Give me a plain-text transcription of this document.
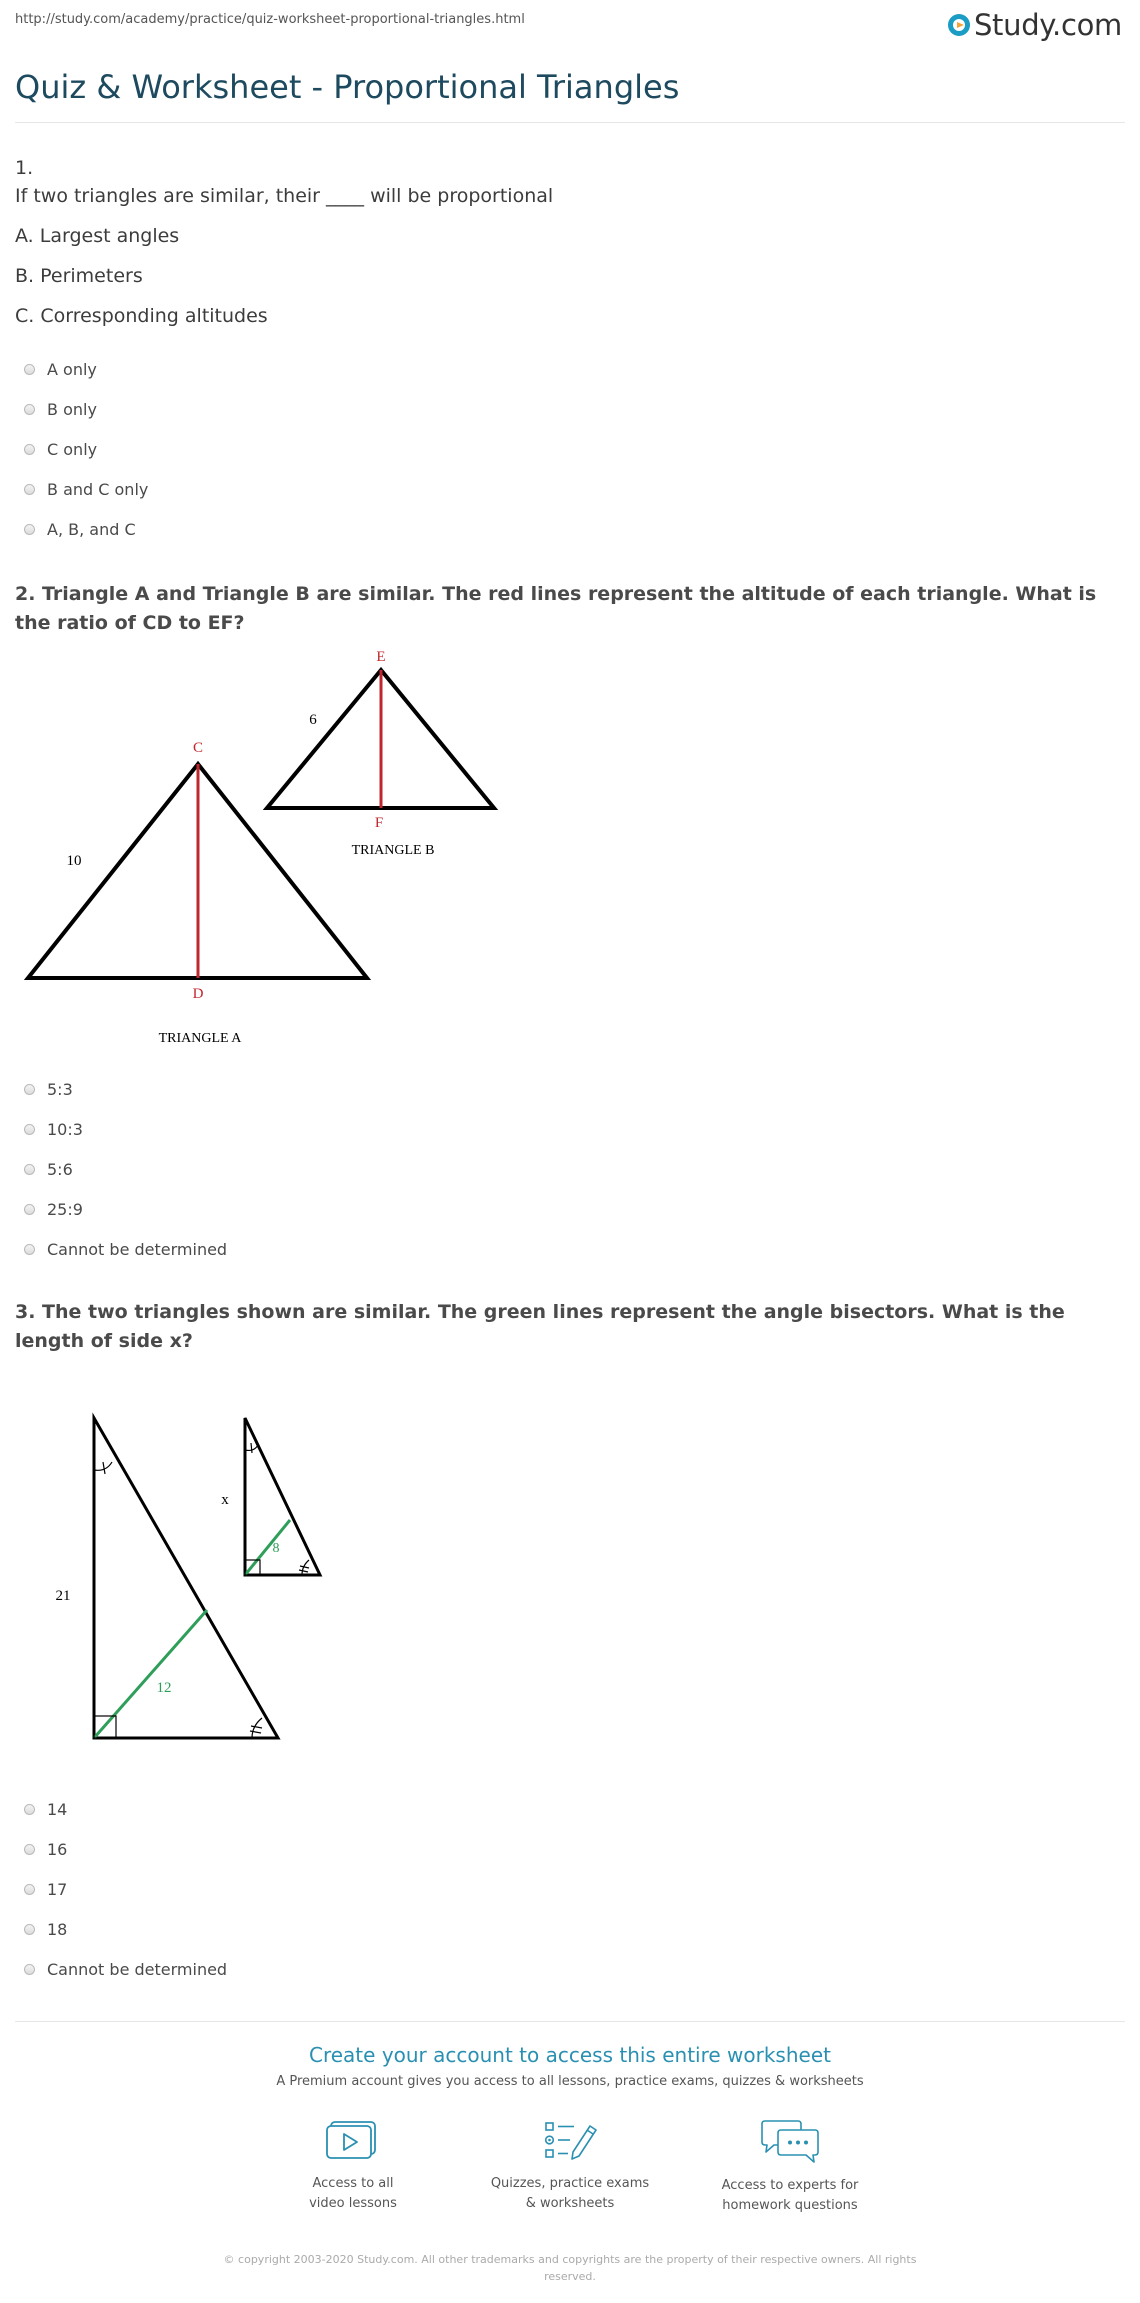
http://study.com/academy/practice/quiz-worksheet-proportional-triangles.html	Study.com
Quiz & Worksheet - Proportional Triangles
1.
If two triangles are similar, their ____ will be proportional
A. Largest angles
B. Perimeters
C. Corresponding altitudes
A only
B only
C only
B and C only
A, B, and C
2. Triangle A and Triangle B are similar. The red lines represent the altitude of each triangle. What is the ratio of CD to EF?
C
D
10
TRIANGLE A
E
F
6
TRIANGLE B
5:3
10:3
5:6
25:9
Cannot be determined
3. The two triangles shown are similar. The green lines represent the angle bisectors. What is the length of side x?
21
12
x
8
14
16
17
18
Cannot be determined
Create your account to access this entire worksheet
A Premium account gives you access to all lessons, practice exams, quizzes & worksheets
Access to all
video lessons
Quizzes, practice exams
& worksheets
Access to experts for
homework questions
© copyright 2003-2020 Study.com. All other trademarks and copyrights are the property of their respective owners. All rights
reserved.
